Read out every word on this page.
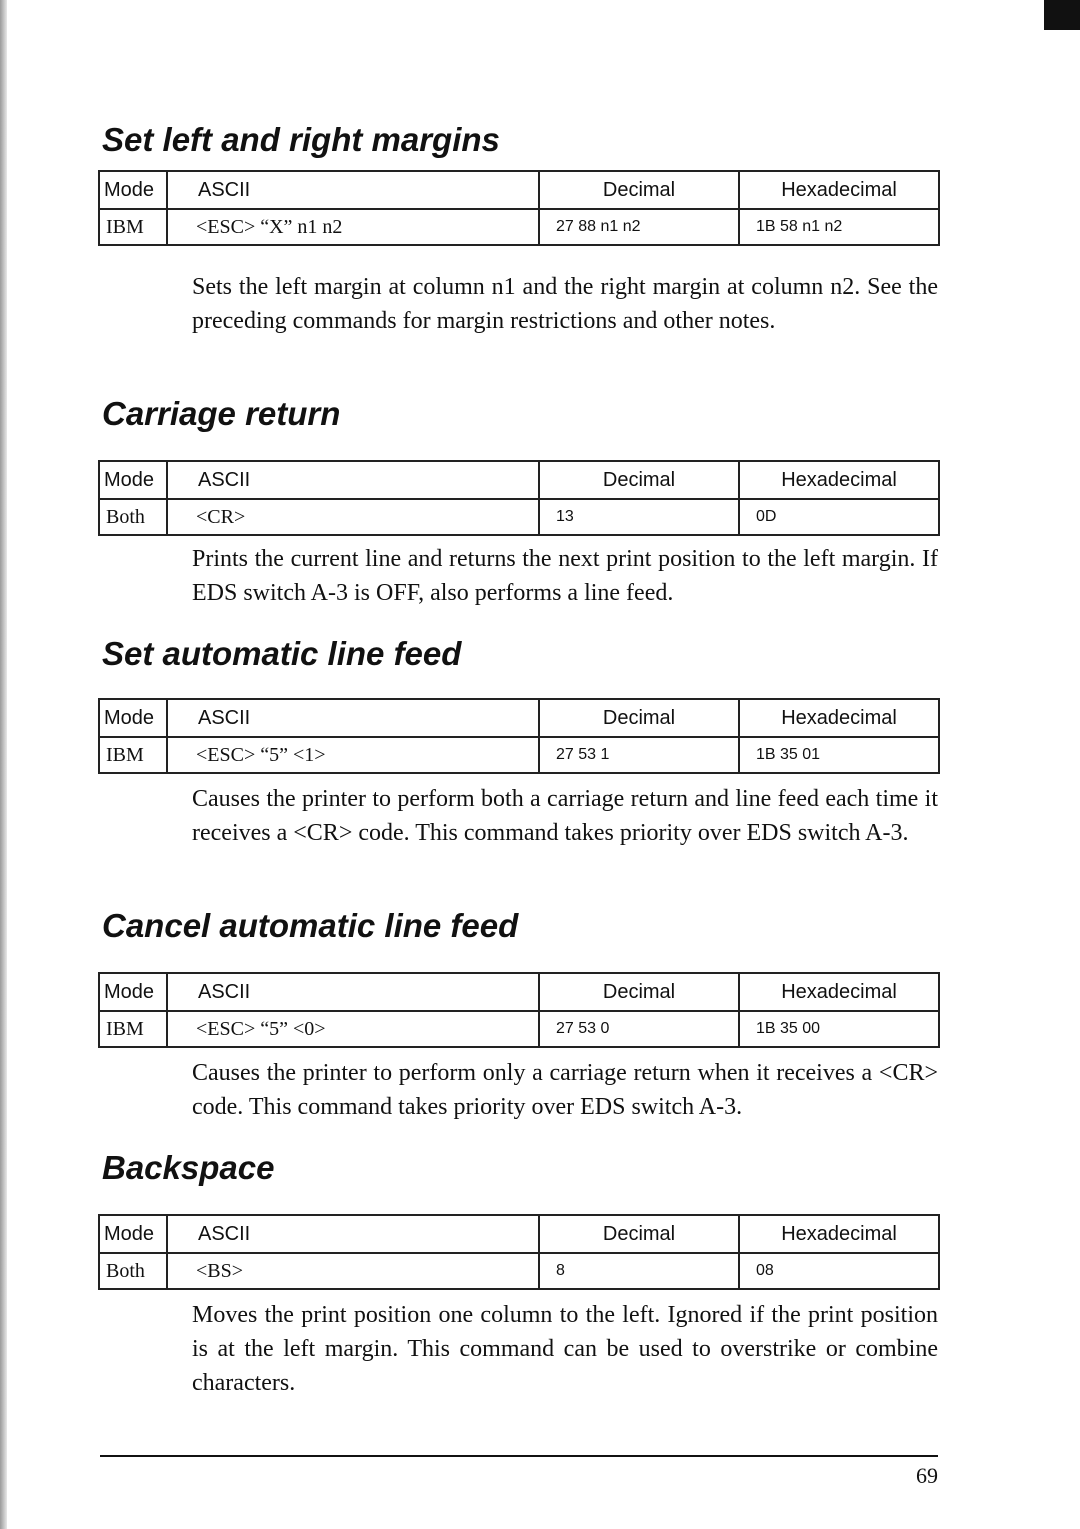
Set left and right margins
Mode	ASCII	Decimal	Hexadecimal
IBM	<ESC> “X” n1 n2	27 88 n1 n2	1B 58 n1 n2

Sets the left margin at column n1 and the right margin at column n2. See the preceding commands for margin restrictions and other notes.

Carriage return
Mode	ASCII	Decimal	Hexadecimal
Both	<CR>	13	0D

Prints the current line and returns the next print position to the left margin. If EDS switch A-3 is OFF, also performs a line feed.

Set automatic line feed
Mode	ASCII	Decimal	Hexadecimal
IBM	<ESC> “5” <1>	27 53 1	1B 35 01

Causes the printer to perform both a carriage return and line feed each time it receives a <CR> code. This command takes priority over EDS switch A-3.

Cancel automatic line feed
Mode	ASCII	Decimal	Hexadecimal
IBM	<ESC> “5” <0>	27 53 0	1B 35 00

Causes the printer to perform only a carriage return when it receives a <CR> code. This command takes priority over EDS switch A-3.

Backspace
Mode	ASCII	Decimal	Hexadecimal
Both	<BS>	8	08

Moves the print position one column to the left. Ignored if the print position is at the left margin. This command can be used to overstrike or combine characters.

69
